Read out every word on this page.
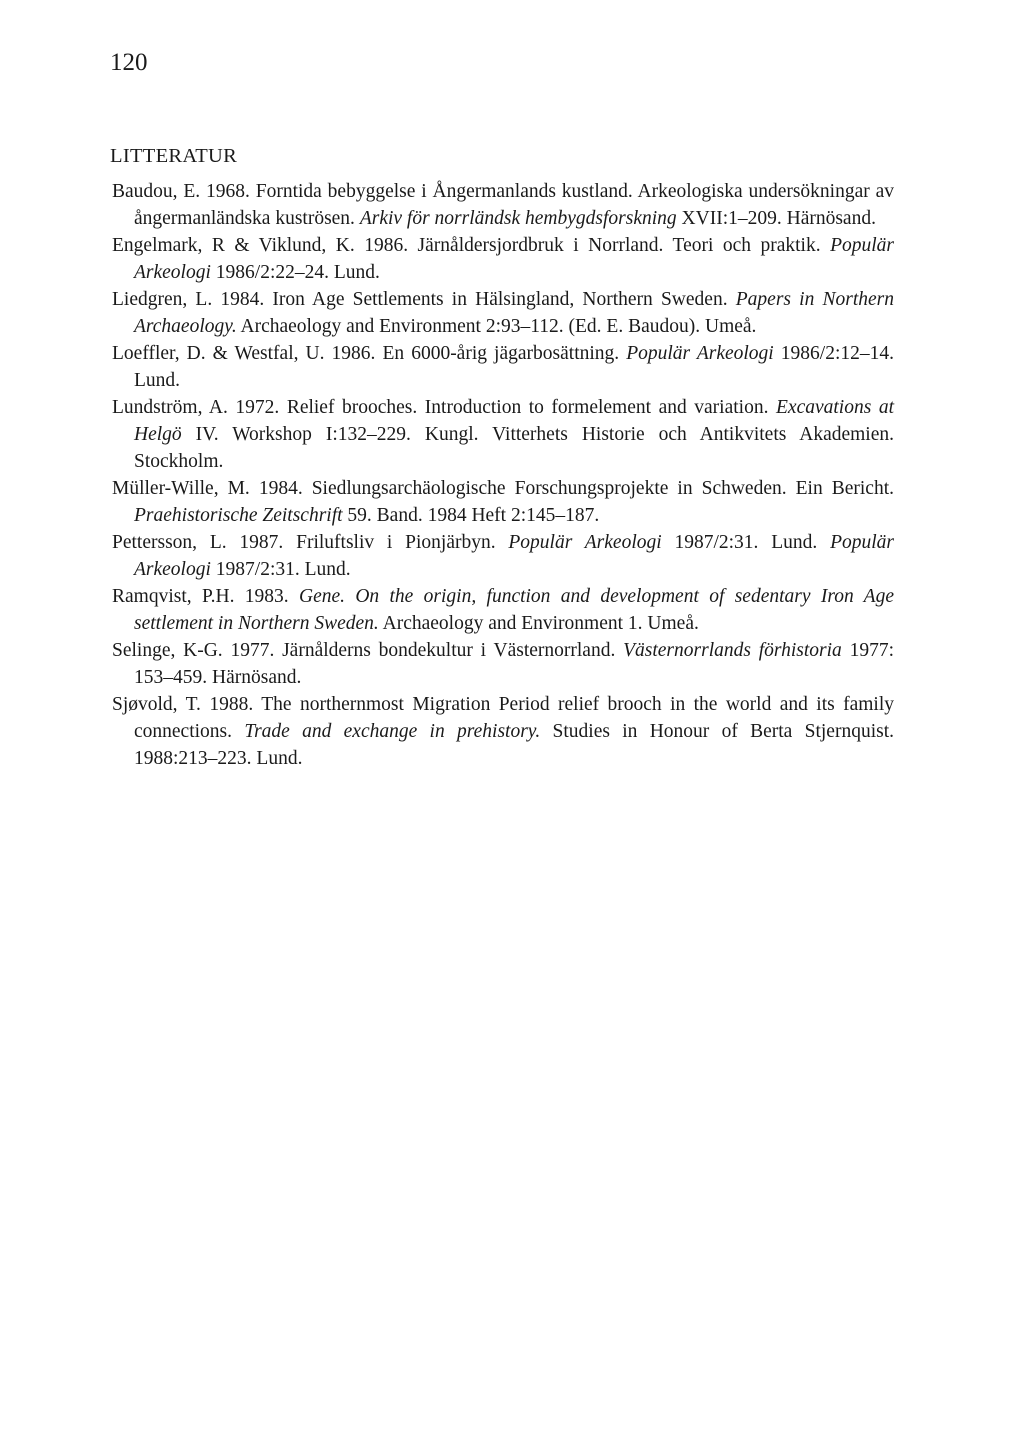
120
LITTERATUR
Baudou, E. 1968. Forntida bebyggelse i Ångermanlands kustland. Arkeologiska undersökningar av ångermanländska kuströsen. Arkiv för norrländsk hembygdsforskning XVII:1–209. Härnösand.
Engelmark, R & Viklund, K. 1986. Järnåldersjordbruk i Norrland. Teori och praktik. Populär Arkeologi 1986/2:22–24. Lund.
Liedgren, L. 1984. Iron Age Settlements in Hälsingland, Northern Sweden. Papers in Northern Archaeology. Archaeology and Environment 2:93–112. (Ed. E. Baudou). Umeå.
Loeffler, D. & Westfal, U. 1986. En 6000-årig jägarbosättning. Populär Arkeologi 1986/2:12–14. Lund.
Lundström, A. 1972. Relief brooches. Introduction to formelement and variation. Excavations at Helgö IV. Workshop I:132–229. Kungl. Vitterhets Historie och Antikvitets Akademien. Stockholm.
Müller-Wille, M. 1984. Siedlungsarchäologische Forschungsprojekte in Schweden. Ein Bericht. Praehistorische Zeitschrift 59. Band. 1984 Heft 2:145–187.
Pettersson, L. 1987. Friluftsliv i Pionjärbyn. Populär Arkeologi 1987/2:31. Lund. Populär Arkeologi 1987/2:31. Lund.
Ramqvist, P.H. 1983. Gene. On the origin, function and development of sedentary Iron Age settlement in Northern Sweden. Archaeology and Environment 1. Umeå.
Selinge, K-G. 1977. Järnålderns bondekultur i Västernorrland. Västernorrlands förhistoria 1977: 153–459. Härnösand.
Sjøvold, T. 1988. The northernmost Migration Period relief brooch in the world and its family connections. Trade and exchange in prehistory. Studies in Honour of Berta Stjernquist. 1988:213–223. Lund.
